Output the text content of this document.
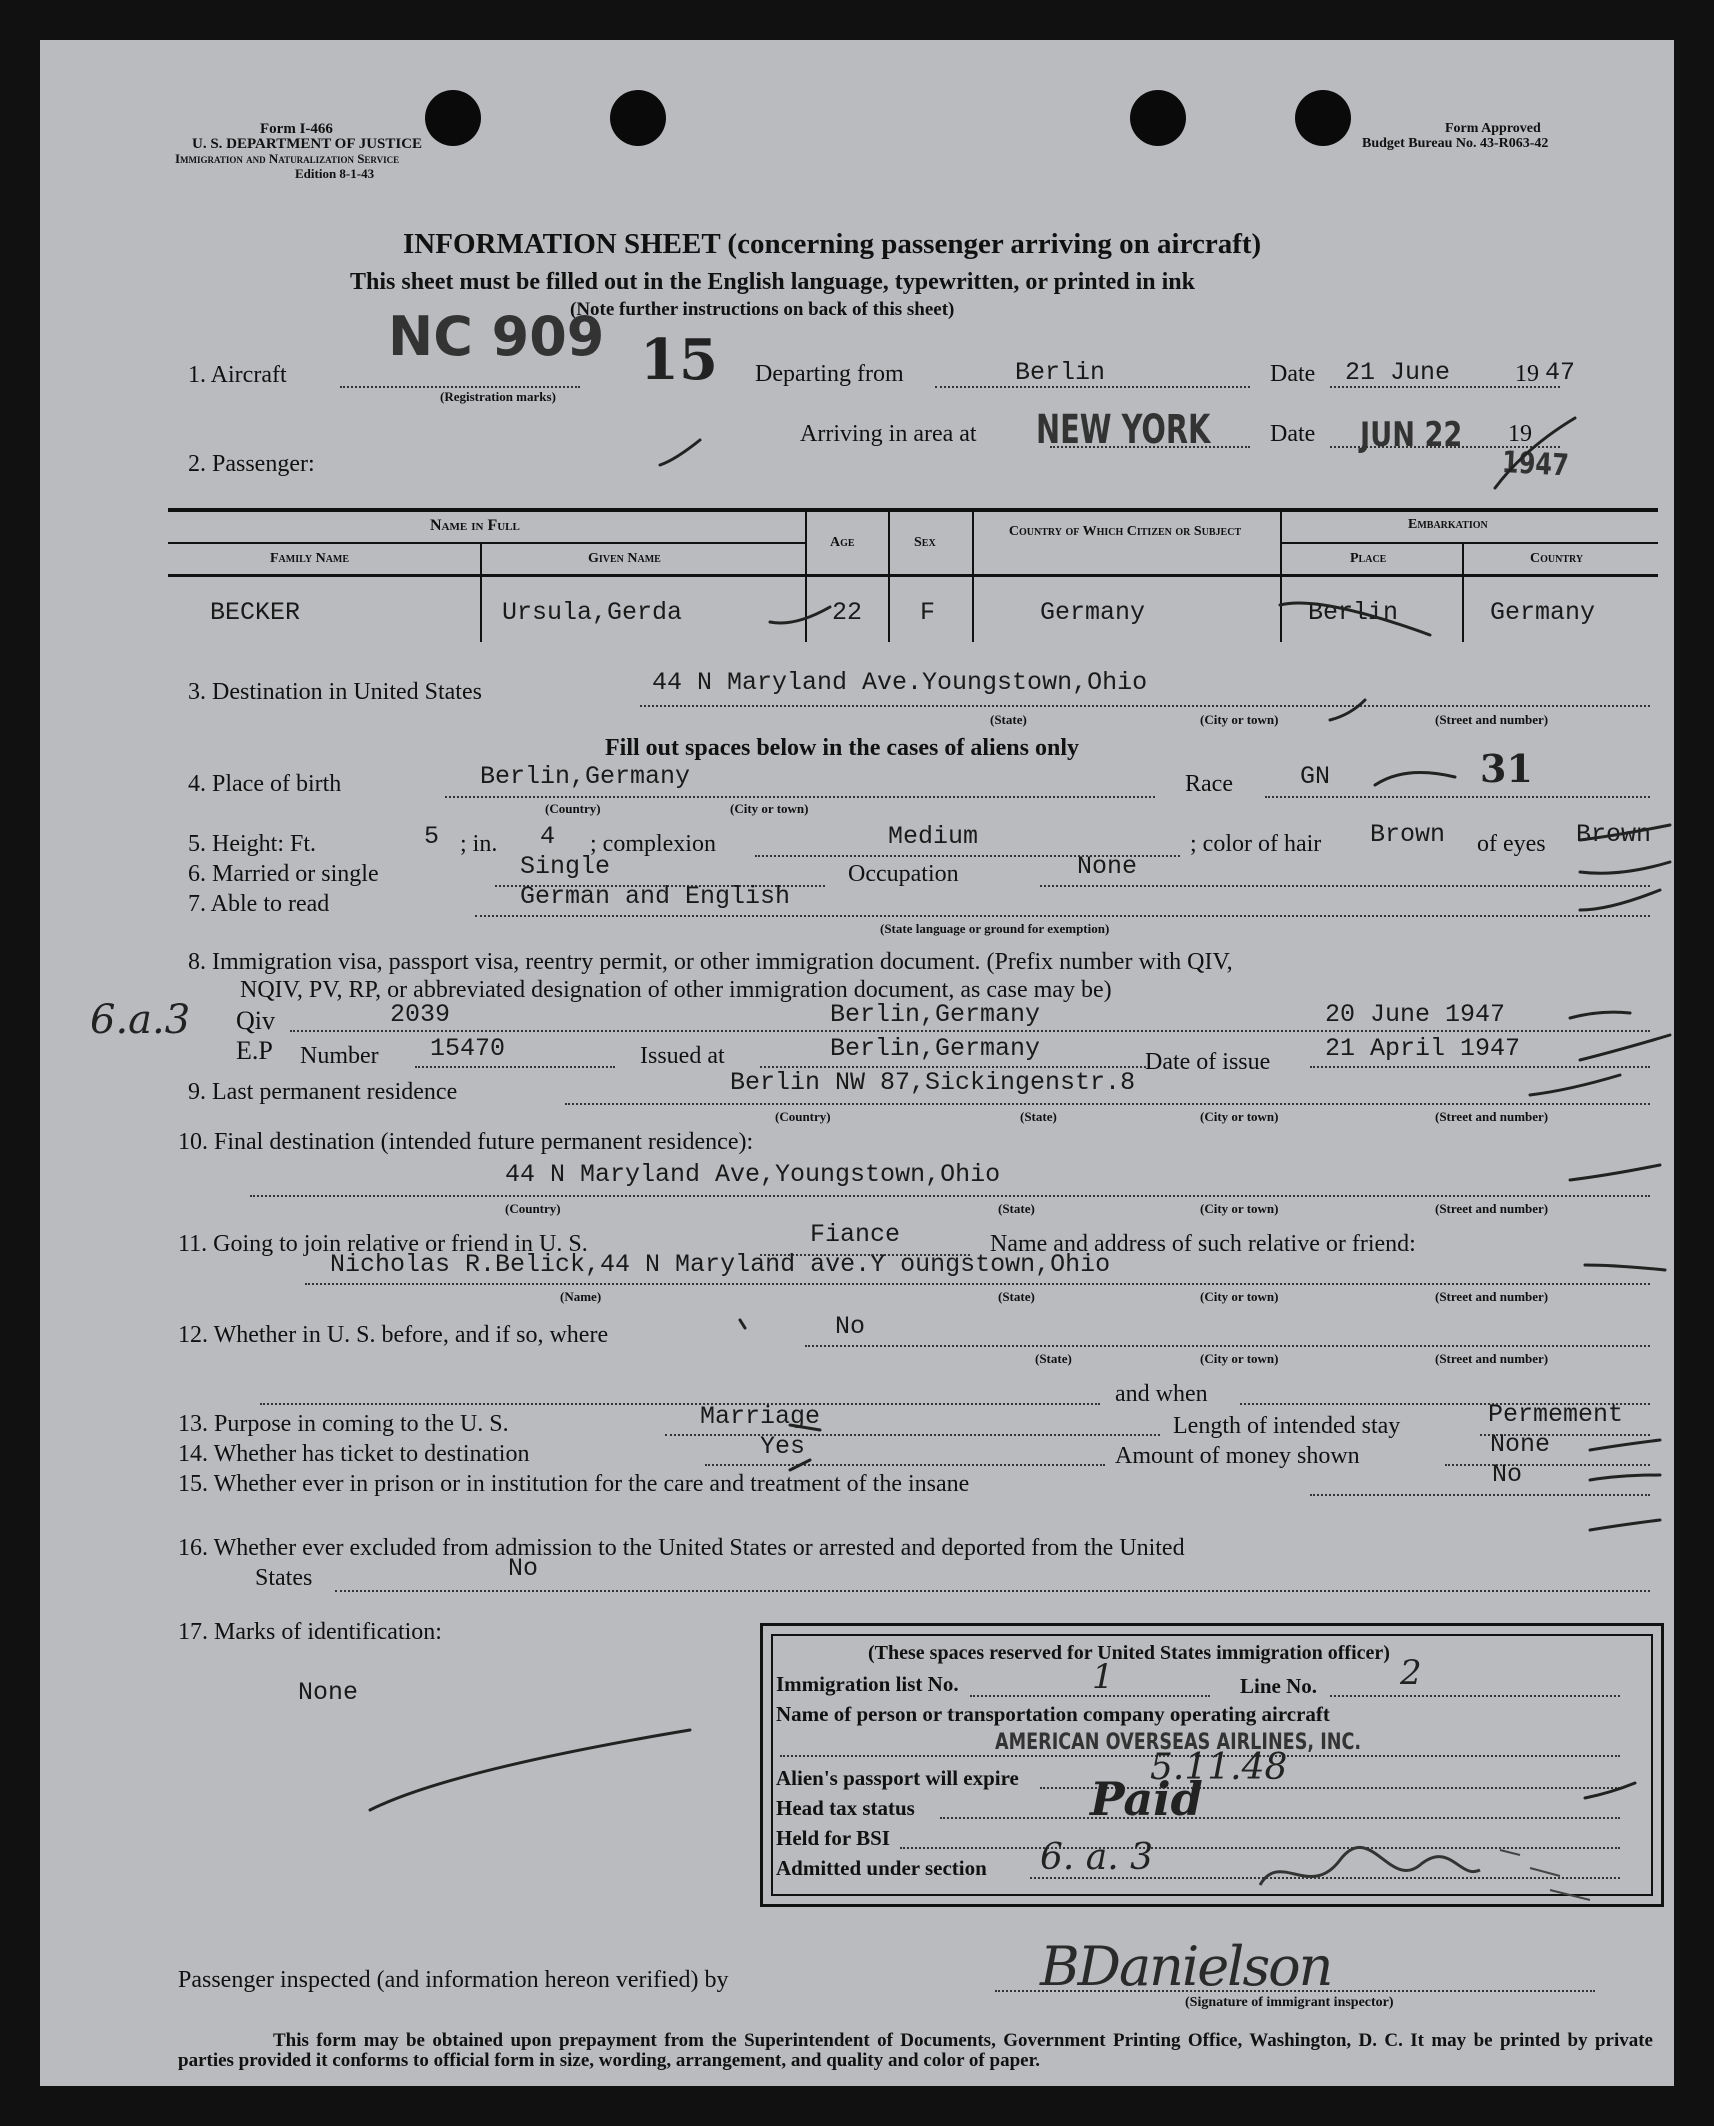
Form I-466
U. S. DEPARTMENT OF JUSTICE
Immigration and Naturalization Service
Edition 8-1-43
Form Approved
Budget Bureau No. 43-R063-42
INFORMATION SHEET (concerning passenger arriving on aircraft)
This sheet must be filled out in the English language, typewritten, or printed in ink
(Note further instructions on back of this sheet)
1. Aircraft
NC 909 15
(Registration marks)
Departing from	Berlin	Date 21 June	19 47
Arriving in area at NEW YORK Date JUN 22 19
1947
2. Passenger:
Name in Full
Family Name	Given Name
Age	Sex
Country of Which Citizen or Subject	Embarkation
Place	Country
BECKER	Ursula,Gerda	22 F	Germany	Berlin	Germany
3. Destination in United States	44 N Maryland Ave.Youngstown,Ohio
(State)	(City or town)	(Street and number)
Fill out spaces below in the cases of aliens only
4. Place of birth	Berlin,Germany
(Country)	(City or town)
Race	GN	31
5. Height: Ft.	5 ; in. 4 ; complexion	Medium	; color of hair Brown of eyes Brown
6. Married or single	Single	Occupation	None
7. Able to read	German and English
(State language or ground for exemption)
8. Immigration visa, passport visa, reentry permit, or other immigration document. (Prefix number with QIV,
NQIV, PV, RP, or abbreviated designation of other immigration document, as case may be)
6.a.3 Qiv	2039	Berlin,Germany	20 June 1947
E.P Number 15470	Issued at	Berlin,Germany	Date of issue 21 April 1947
9. Last permanent residence	Berlin NW 87,Sickingenstr.8
(Country)	(State)	(City or town)	(Street and number)
10. Final destination (intended future permanent residence):
44 N Maryland Ave,Youngstown,Ohio
(Country)	(State)	(City or town)	(Street and number)
11. Going to join relative or friend in U. S.	Fiance	Name and address of such relative or friend:
Nicholas R.Belick,44 N Maryland ave.Y oungstown,Ohio
(Name)	(State)	(City or town)	(Street and number)
12. Whether in U. S. before, and if so, where	No
(State)	(City or town)	(Street and number)
and when
13. Purpose in coming to the U. S.	Marriage	Length of intended stay	Permement
14. Whether has ticket to destination	Yes	Amount of money shown	None
15. Whether ever in prison or in institution for the care and treatment of the insane	No
16. Whether ever excluded from admission to the United States or arrested and deported from the United
States	No
17. Marks of identification:
None
(These spaces reserved for United States immigration officer)
Immigration list No.	1	Line No. 2
Name of person or transportation company operating aircraft
AMERICAN OVERSEAS AIRLINES, INC.
Alien's passport will expire	5.11.48
Head tax status	Paid
Held for BSI
Admitted under section 6. a. 3
Passenger inspected (and information hereon verified) by	BDanielson
(Signature of immigrant inspector)
This form may be obtained upon prepayment from the Superintendent of Documents, Government Printing Office, Washington, D. C. It may be printed by private parties provided it conforms to official form in size, wording, arrangement, and quality and color of paper.
